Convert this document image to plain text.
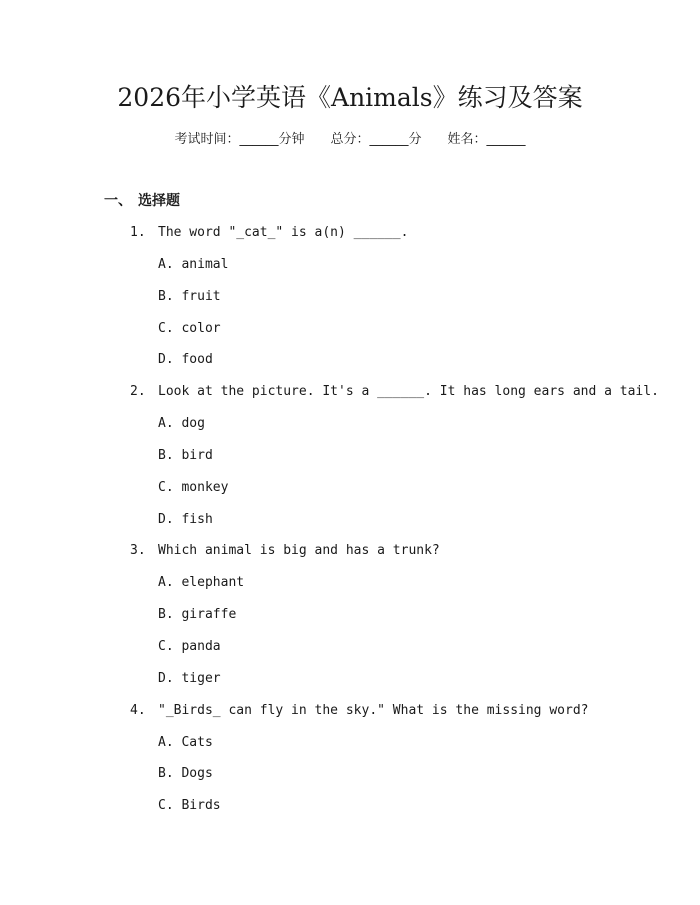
2026年小学英语《Animals》练习及答案
考试时间：______分钟 总分：______分 姓名：______
一、 选择题

1.

The word "_cat_" is a(n) ______.

A. animal
B. fruit
C. color
D. food

2.

Look at the picture. It's a ______. It has long ears and a tail.

A. dog
B. bird
C. monkey
D. fish

3.

Which animal is big and has a trunk?

A. elephant
B. giraffe
C. panda
D. tiger

4.

"_Birds_ can fly in the sky." What is the missing word?

A. Cats
B. Dogs
C. Birds
